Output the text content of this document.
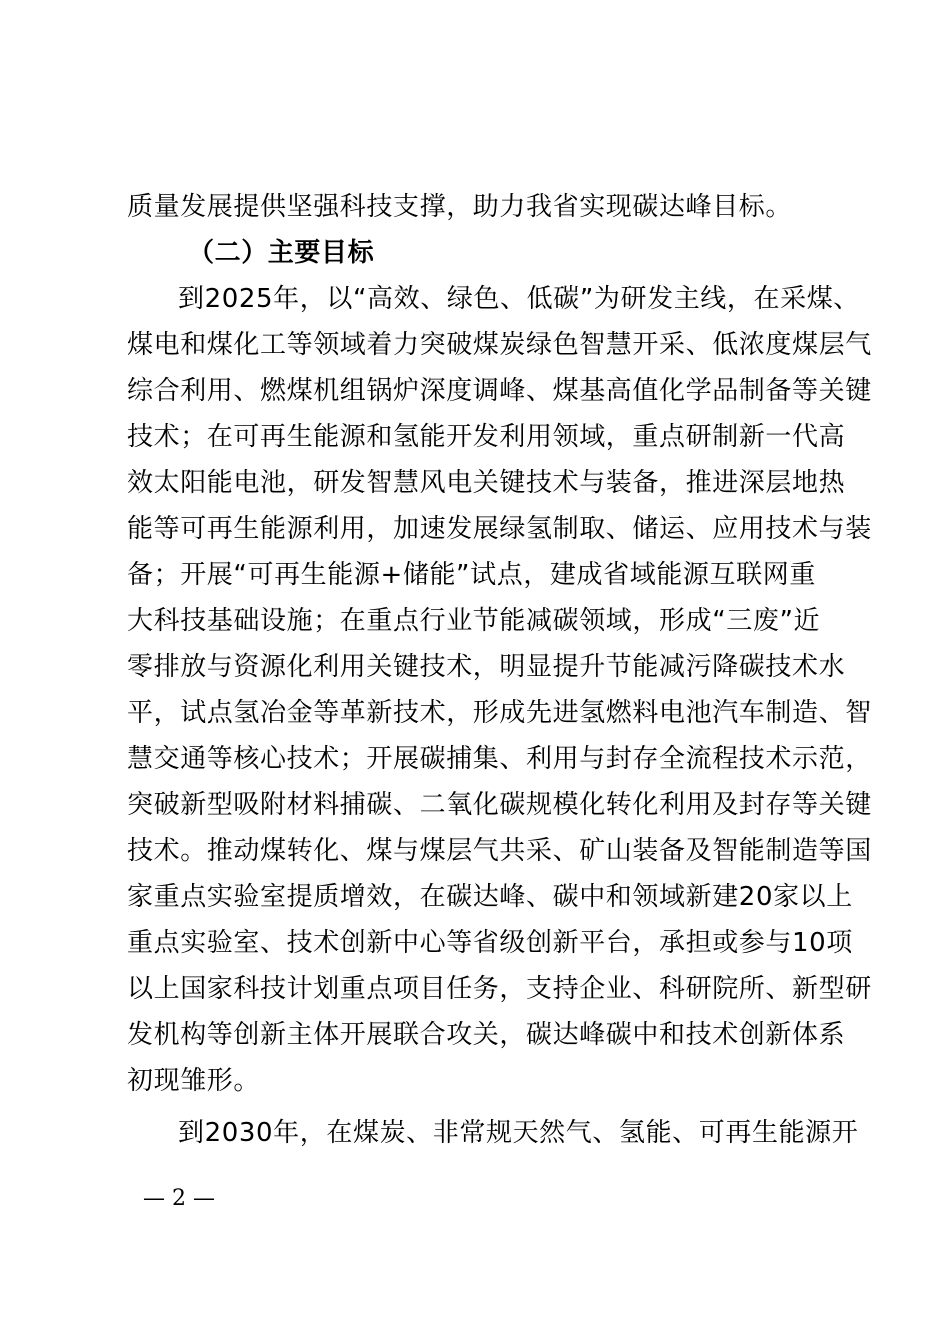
质量发展提供坚强科技支撑，助力我省实现碳达峰目标。
（二）主要目标
到2025年，以“高效、绿色、低碳”为研发主线，在采煤、
煤电和煤化工等领域着力突破煤炭绿色智慧开采、低浓度煤层气
综合利用、燃煤机组锅炉深度调峰、煤基高值化学品制备等关键
技术；在可再生能源和氢能开发利用领域，重点研制新一代高
效太阳能电池，研发智慧风电关键技术与装备，推进深层地热
能等可再生能源利用，加速发展绿氢制取、储运、应用技术与装
备；开展“可再生能源+储能”试点，建成省域能源互联网重
大科技基础设施；在重点行业节能减碳领域，形成“三废”近
零排放与资源化利用关键技术，明显提升节能减污降碳技术水
平，试点氢冶金等革新技术，形成先进氢燃料电池汽车制造、智
慧交通等核心技术；开展碳捕集、利用与封存全流程技术示范，
突破新型吸附材料捕碳、二氧化碳规模化转化利用及封存等关键
技术。推动煤转化、煤与煤层气共采、矿山装备及智能制造等国
家重点实验室提质增效，在碳达峰、碳中和领域新建20家以上
重点实验室、技术创新中心等省级创新平台，承担或参与10项
以上国家科技计划重点项目任务，支持企业、科研院所、新型研
发机构等创新主体开展联合攻关，碳达峰碳中和技术创新体系
初现雏形。
到2030年，在煤炭、非常规天然气、氢能、可再生能源开
— 2 —
